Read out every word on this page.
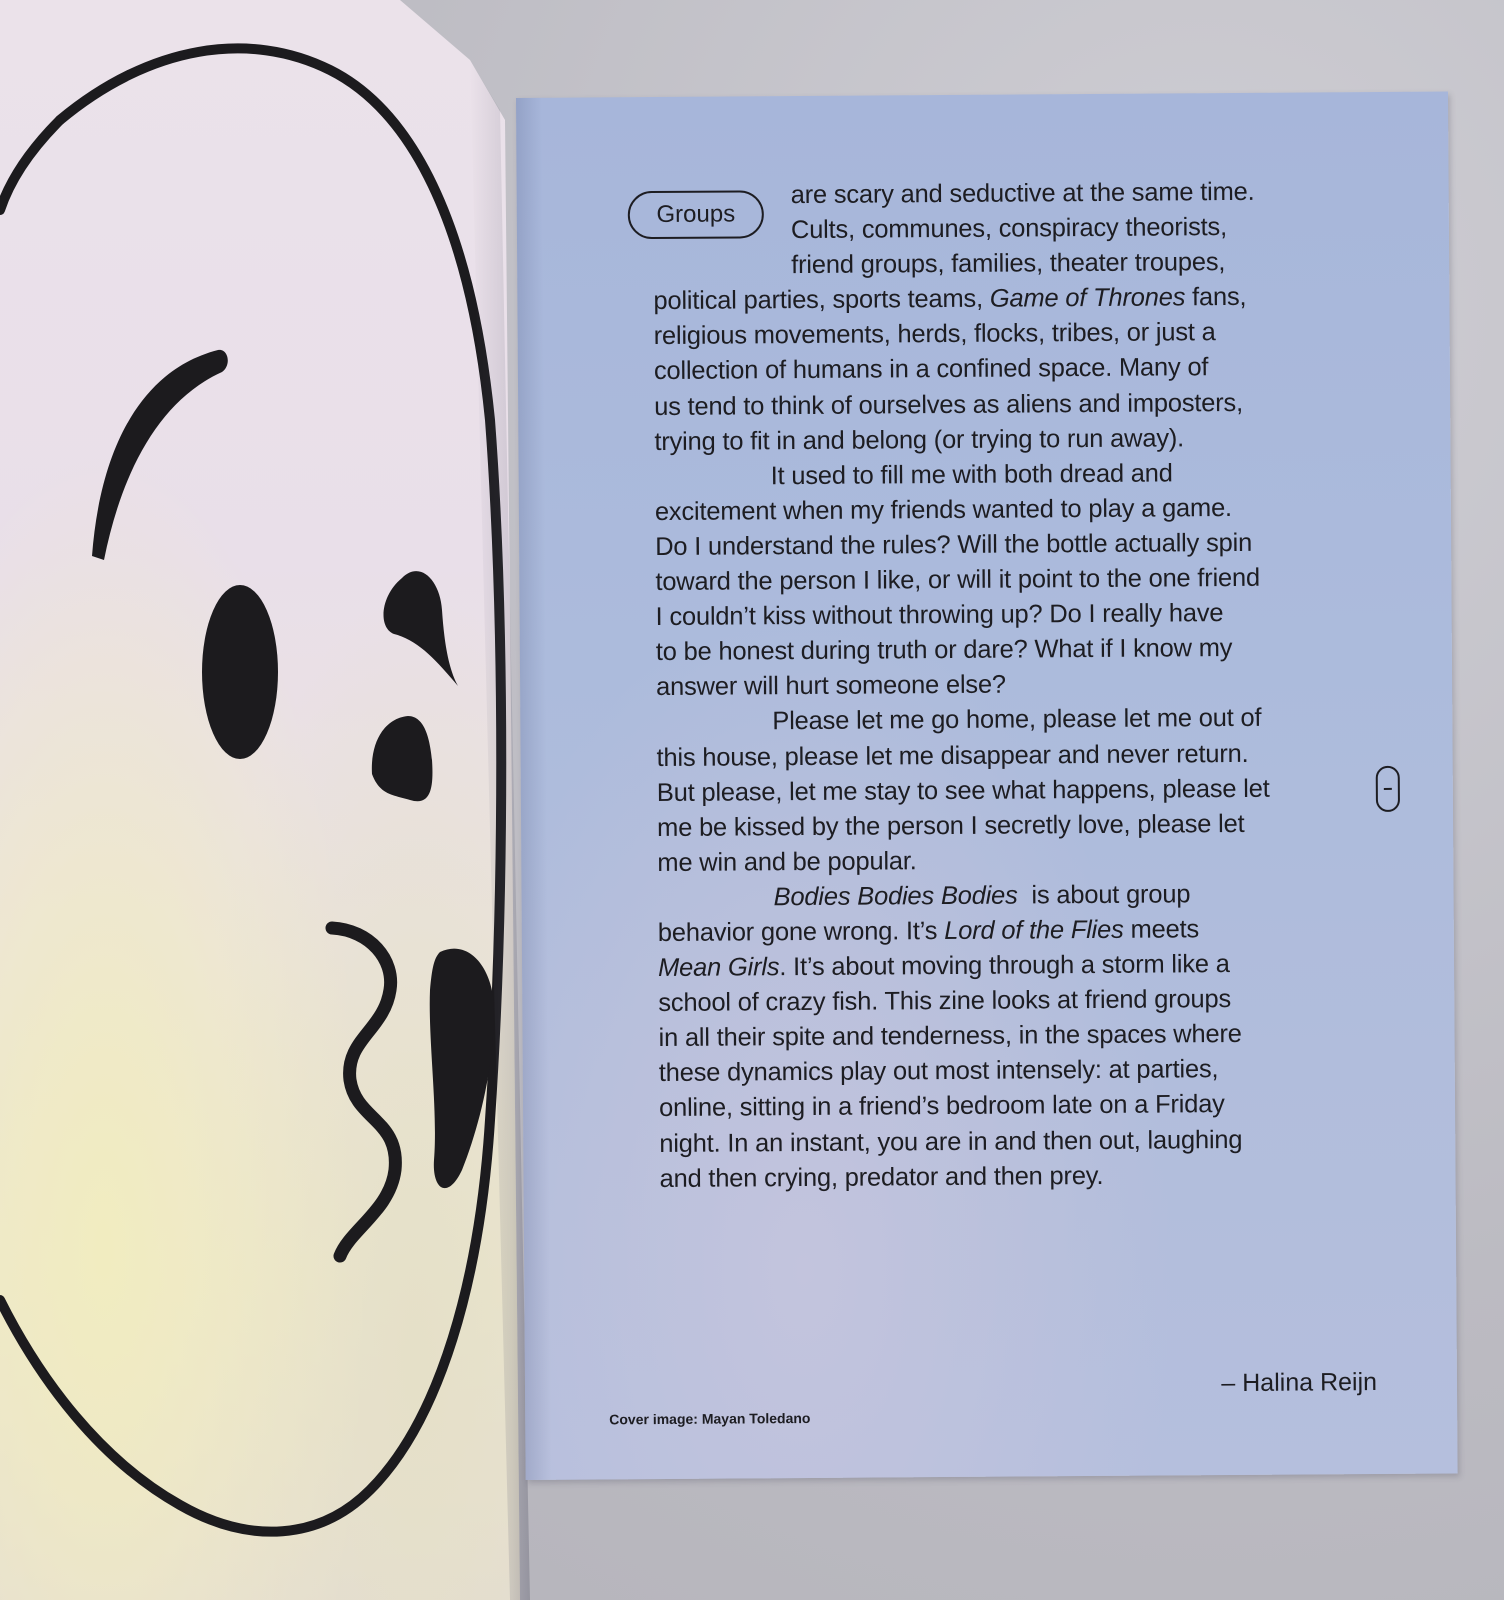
Groups
are scary and seductive at the same time.
Cults, communes, conspiracy theorists,
friend groups, families, theater troupes,
political parties, sports teams, Game of Thrones fans,
religious movements, herds, flocks, tribes, or just a
collection of humans in a confined space. Many of
us tend to think of ourselves as aliens and imposters,
trying to fit in and belong (or trying to run away).
It used to fill me with both dread and
excitement when my friends wanted to play a game.
Do I understand the rules? Will the bottle actually spin
toward the person I like, or will it point to the one friend
I couldn’t kiss without throwing up? Do I really have
to be honest during truth or dare? What if I know my
answer will hurt someone else?
Please let me go home, please let me out of
this house, please let me disappear and never return.
But please, let me stay to see what happens, please let
me be kissed by the person I secretly love, please let
me win and be popular.
Bodies Bodies Bodies  is about group
behavior gone wrong. It’s Lord of the Flies meets
Mean Girls. It’s about moving through a storm like a
school of crazy fish. This zine looks at friend groups
in all their spite and tenderness, in the spaces where
these dynamics play out most intensely: at parties,
online, sitting in a friend’s bedroom late on a Friday
night. In an instant, you are in and then out, laughing
and then crying, predator and then prey.
– Halina Reijn
Cover image: Mayan Toledano
